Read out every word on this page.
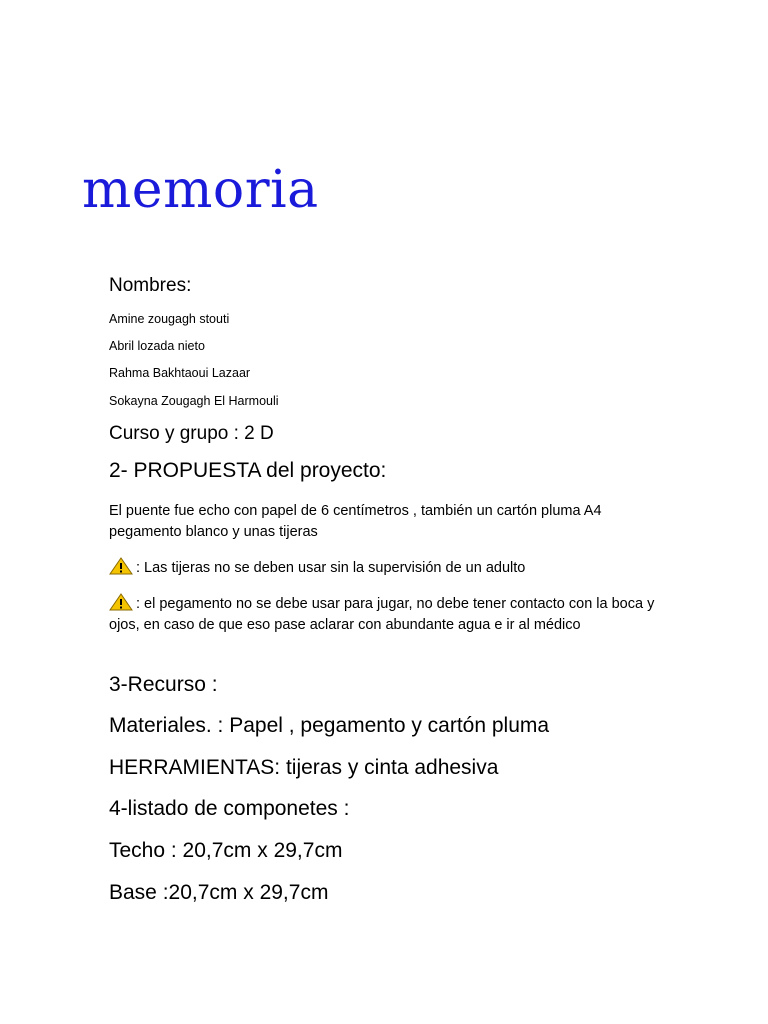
memoria

Nombres:

Amine zougagh stouti

Abril lozada nieto

Rahma Bakhtaoui Lazaar

Sokayna Zougagh El Harmouli

Curso y grupo : 2 D

2- PROPUESTA del proyecto:

El puente fue echo con papel de 6 centímetros , también un cartón pluma A4 pegamento blanco y unas tijeras

: Las tijeras no se deben usar sin la supervisión de un adulto

: el pegamento no se debe usar para jugar, no debe tener contacto con la boca y ojos, en caso de que eso pase aclarar con abundante agua e ir al médico

3-Recurso :

Materiales. : Papel , pegamento y cartón pluma

HERRAMIENTAS: tijeras y cinta adhesiva

4-listado de componetes :

Techo : 20,7cm x 29,7cm

Base :20,7cm x 29,7cm
